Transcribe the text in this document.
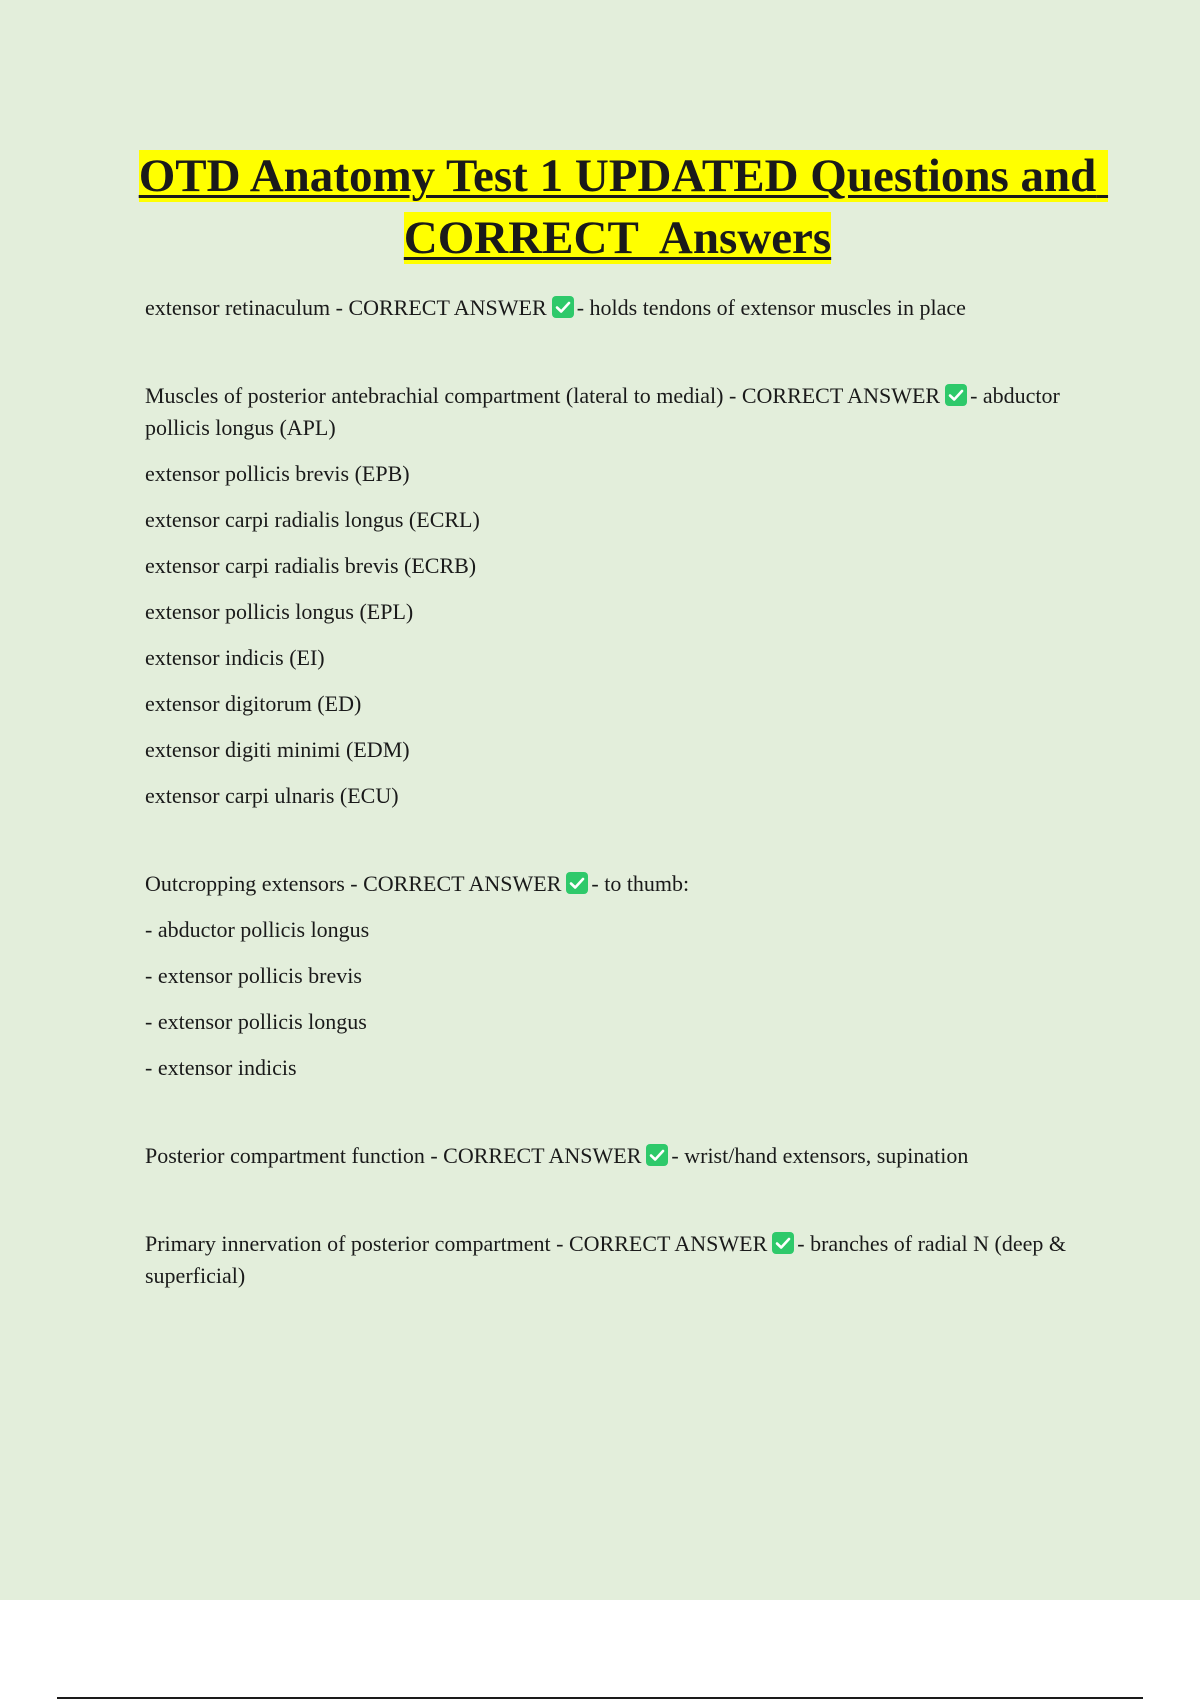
OTD Anatomy Test 1 UPDATED Questions and CORRECT  Answers

extensor retinaculum - CORRECT ANSWER - holds tendons of extensor muscles in place

Muscles of posterior antebrachial compartment (lateral to medial) - CORRECT ANSWER - abductor pollicis longus (APL)

extensor pollicis brevis (EPB)

extensor carpi radialis longus (ECRL)

extensor carpi radialis brevis (ECRB)

extensor pollicis longus (EPL)

extensor indicis (EI)

extensor digitorum (ED)

extensor digiti minimi (EDM)

extensor carpi ulnaris (ECU)

Outcropping extensors - CORRECT ANSWER - to thumb:

- abductor pollicis longus

- extensor pollicis brevis

- extensor pollicis longus

- extensor indicis

Posterior compartment function - CORRECT ANSWER - wrist/hand extensors, supination

Primary innervation of posterior compartment - CORRECT ANSWER - branches of radial N (deep & superficial)
